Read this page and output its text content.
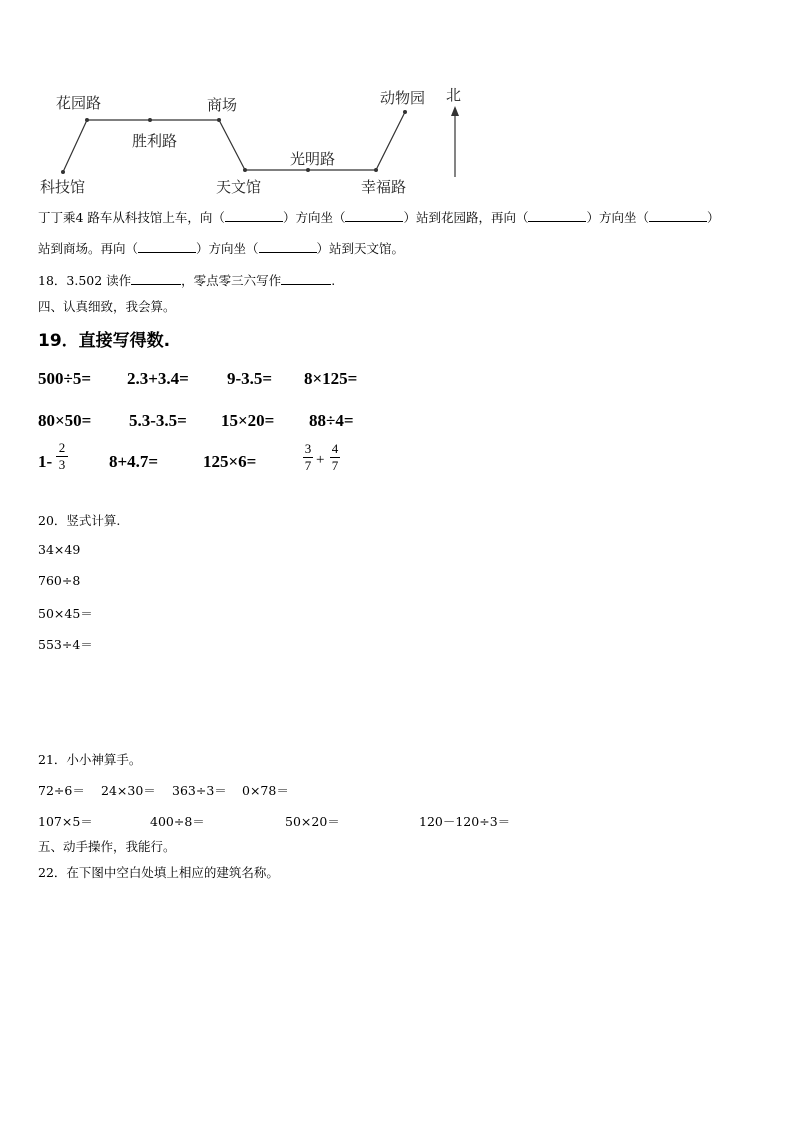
花园路	商场
胜利路
科技馆	天文馆
光明路
动物园
幸福路
北
丁丁乘4 路车从科技馆上车，向（	）方向坐（	）站到花园路，再向（	）方向坐（	）
站到商场。再向（	）方向坐（	）站到天文馆。
18．3.502 读作	，零点零三六写作	.
四、认真细致，我会算。
19．直接写得数.
500÷5= 2.3+3.4= 9-3.5= 8×125=
80×50= 5.3-3.5= 15×20= 88÷4=
1-
2
3	8+4.7=	125×6=
3
7 +
4
7
20．竖式计算.
34×49
760÷8
50×45＝
553÷4＝
21．小小神算手。
72÷6＝ 24×30＝ 363÷3＝ 0×78＝
107×5＝	400÷8＝	50×20＝	120－120÷3＝
五、动手操作，我能行。
22．在下图中空白处填上相应的建筑名称。
